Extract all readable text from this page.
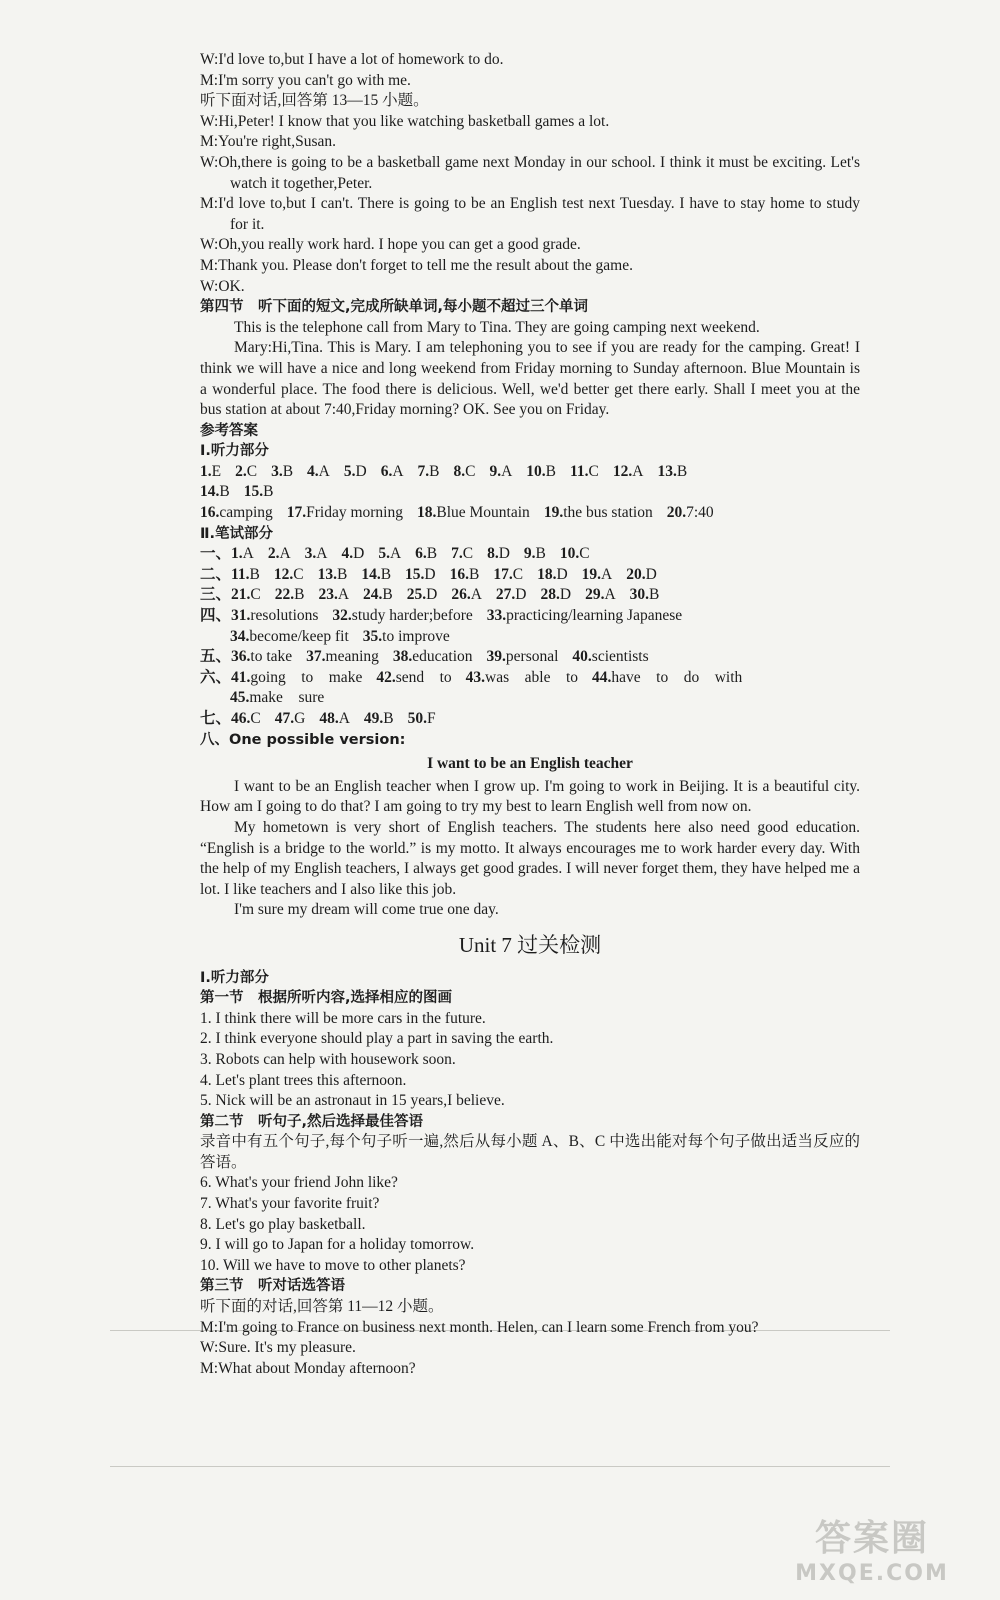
W:I'd love to,but I have a lot of homework to do.
M:I'm sorry you can't go with me.
听下面对话,回答第 13—15 小题。
W:Hi,Peter! I know that you like watching basketball games a lot.
M:You're right,Susan.
W:Oh,there is going to be a basketball game next Monday in our school. I think it must be exciting. Let's watch it together,Peter.
M:I'd love to,but I can't. There is going to be an English test next Tuesday. I have to stay home to study for it.
W:Oh,you really work hard. I hope you can get a good grade.
M:Thank you. Please don't forget to tell me the result about the game.
W:OK.
第四节　听下面的短文,完成所缺单词,每小题不超过三个单词
This is the telephone call from Mary to Tina. They are going camping next weekend.
Mary:Hi,Tina. This is Mary. I am telephoning you to see if you are ready for the camping. Great! I think we will have a nice and long weekend from Friday morning to Sunday afternoon. Blue Mountain is a wonderful place. The food there is delicious. Well, we'd better get there early. Shall I meet you at the bus station at about 7:40,Friday morning? OK. See you on Friday.
参考答案
Ⅰ.听力部分
1.E 2.C 3.B 4.A 5.D 6.A 7.B 8.C 9.A 10.B 11.C 12.A 13.B
14.B 15.B
16.camping 17.Friday morning 18.Blue Mountain 19.the bus station 20.7:40
Ⅱ.笔试部分
一、1.A 2.A 3.A 4.D 5.A 6.B 7.C 8.D 9.B 10.C
二、11.B 12.C 13.B 14.B 15.D 16.B 17.C 18.D 19.A 20.D
三、21.C 22.B 23.A 24.B 25.D 26.A 27.D 28.D 29.A 30.B
四、31.resolutions 32.study harder;before 33.practicing/learning Japanese
34.become/keep fit 35.to improve
五、36.to take 37.meaning 38.education 39.personal 40.scientists
六、41.going　to　make 42.send　to 43.was　able　to 44.have　to　do　with
45.make　sure
七、46.C 47.G 48.A 49.B 50.F
八、One possible version:
I want to be an English teacher
I want to be an English teacher when I grow up. I'm going to work in Beijing. It is a beautiful city. How am I going to do that? I am going to try my best to learn English well from now on.
My hometown is very short of English teachers. The students here also need good education. “English is a bridge to the world.” is my motto. It always encourages me to work harder every day. With the help of my English teachers, I always get good grades. I will never forget them, they have helped me a lot. I like teachers and I also like this job.
I'm sure my dream will come true one day.
Unit 7 过关检测
Ⅰ.听力部分
第一节　根据所听内容,选择相应的图画
1. I think there will be more cars in the future.
2. I think everyone should play a part in saving the earth.
3. Robots can help with housework soon.
4. Let's plant trees this afternoon.
5. Nick will be an astronaut in 15 years,I believe.
第二节　听句子,然后选择最佳答语
录音中有五个句子,每个句子听一遍,然后从每小题 A、B、C 中选出能对每个句子做出适当反应的答语。
6. What's your friend John like?
7. What's your favorite fruit?
8. Let's go play basketball.
9. I will go to Japan for a holiday tomorrow.
10. Will we have to move to other planets?
第三节　听对话选答语
听下面的对话,回答第 11—12 小题。
M:I'm going to France on business next month. Helen, can I learn some French from you?
W:Sure. It's my pleasure.
M:What about Monday afternoon?
答案圈
MXQE.COM
